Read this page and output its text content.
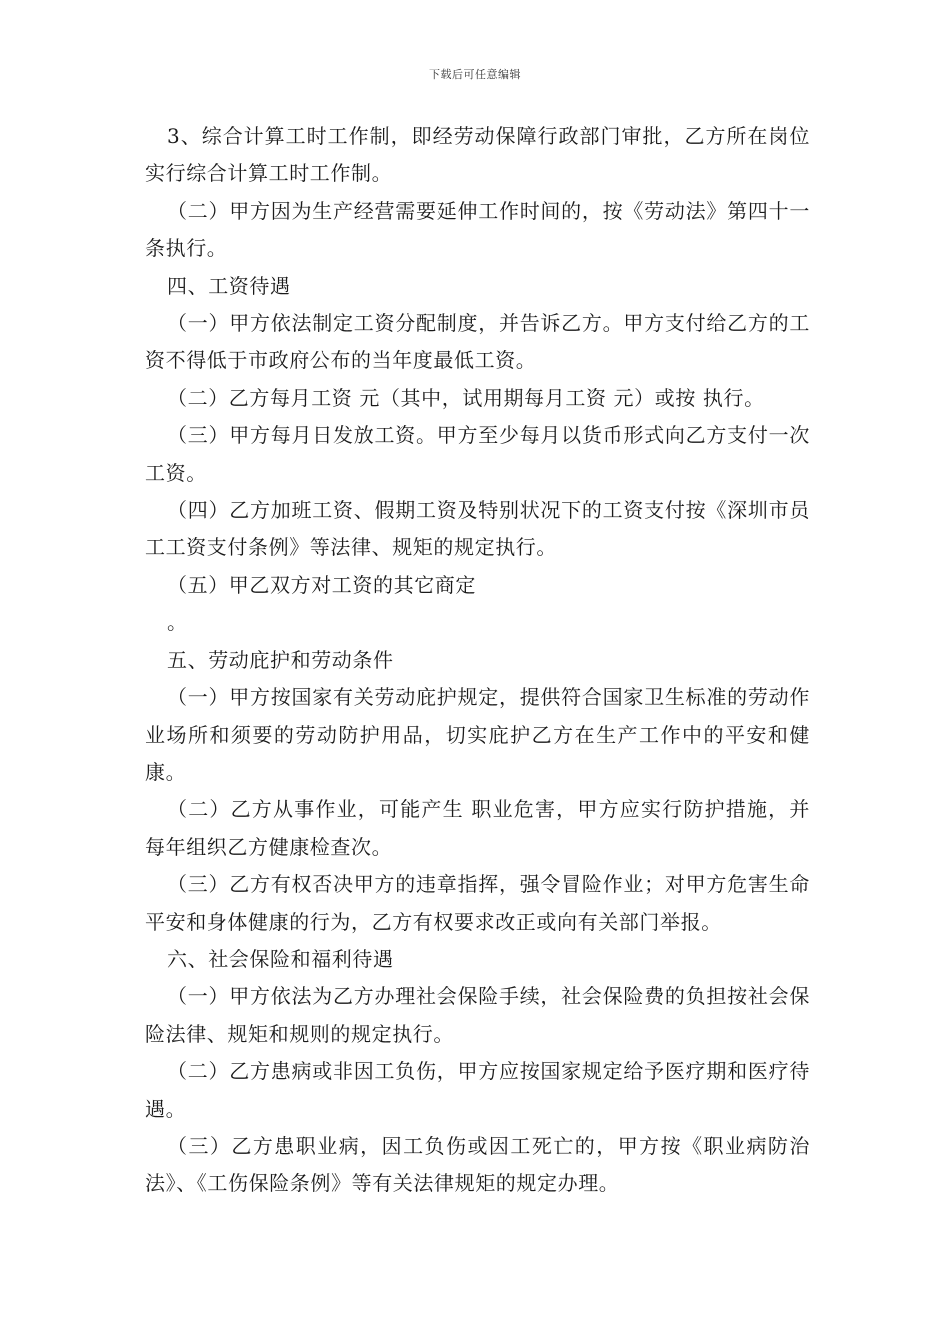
下载后可任意编辑

3、综合计算工时工作制，即经劳动保障行政部门审批，乙方所在岗位实行综合计算工时工作制。

（二）甲方因为生产经营需要延伸工作时间的，按《劳动法》第四十一条执行。

四、工资待遇

（一）甲方依法制定工资分配制度，并告诉乙方。甲方支付给乙方的工资不得低于市政府公布的当年度最低工资。

（二）乙方每月工资 元（其中，试用期每月工资 元）或按 执行。

（三）甲方每月日发放工资。甲方至少每月以货币形式向乙方支付一次工资。

（四）乙方加班工资、假期工资及特别状况下的工资支付按《深圳市员工工资支付条例》等法律、规矩的规定执行。

（五）甲乙双方对工资的其它商定

。

五、劳动庇护和劳动条件

（一）甲方按国家有关劳动庇护规定，提供符合国家卫生标准的劳动作业场所和须要的劳动防护用品，切实庇护乙方在生产工作中的平安和健康。

（二）乙方从事作业，可能产生 职业危害，甲方应实行防护措施，并每年组织乙方健康检查次。

（三）乙方有权否决甲方的违章指挥，强令冒险作业；对甲方危害生命平安和身体健康的行为，乙方有权要求改正或向有关部门举报。

六、社会保险和福利待遇

（一）甲方依法为乙方办理社会保险手续，社会保险费的负担按社会保险法律、规矩和规则的规定执行。

（二）乙方患病或非因工负伤，甲方应按国家规定给予医疗期和医疗待遇。

（三）乙方患职业病，因工负伤或因工死亡的，甲方按《职业病防治法》、《工伤保险条例》等有关法律规矩的规定办理。
